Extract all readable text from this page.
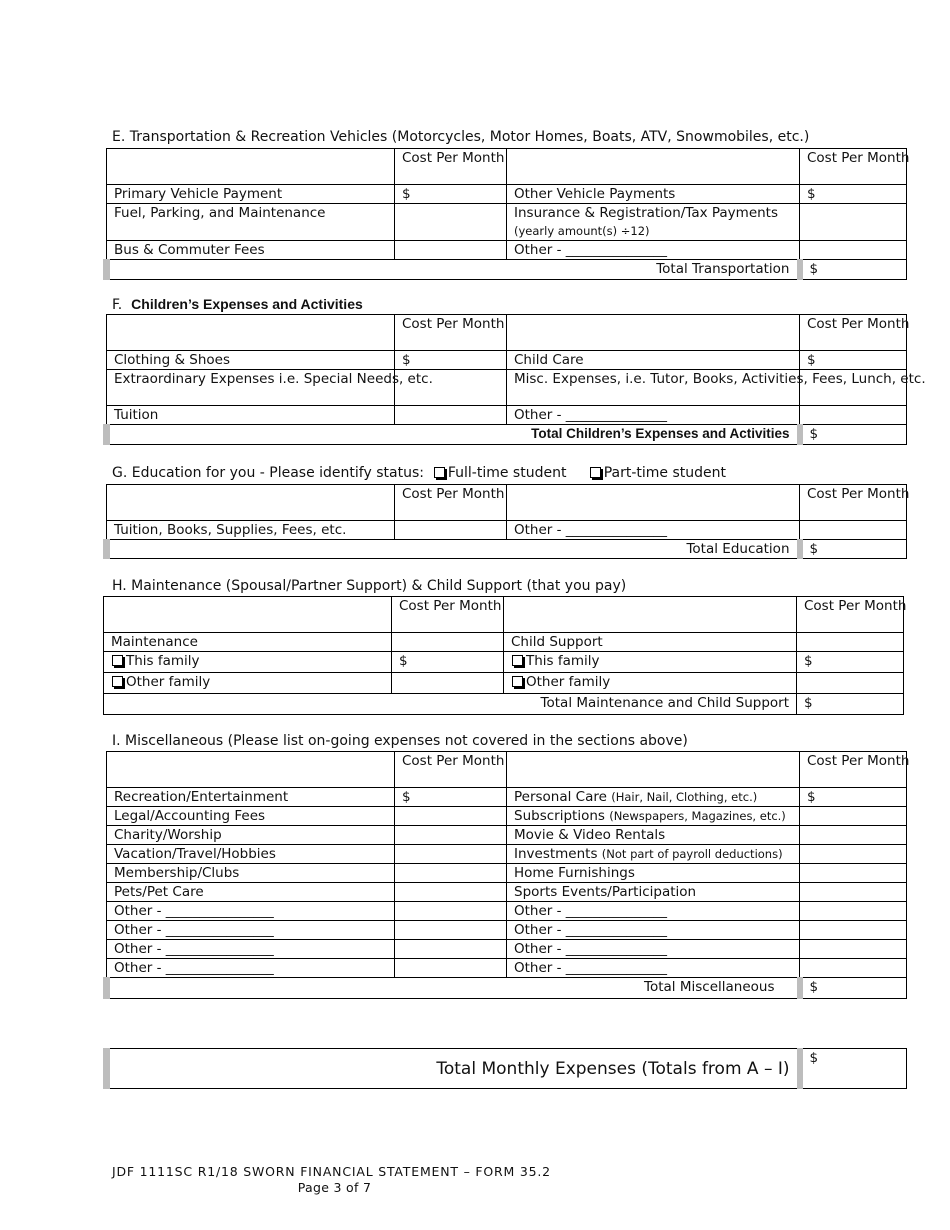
E. Transportation & Recreation Vehicles (Motorcycles, Motor Homes, Boats, ATV, Snowmobiles, etc.)
	Cost Per Month		Cost Per Month
Primary Vehicle Payment	$	Other Vehicle Payments	$
Fuel, Parking, and Maintenance		Insurance & Registration/Tax Payments
(yearly amount(s) ÷12)	
Bus & Commuter Fees		Other - _______________	
Total Transportation			$
F. Children’s Expenses and Activities
	Cost Per Month		Cost Per Month
Clothing & Shoes	$	Child Care	$
Extraordinary Expenses i.e. Special Needs, etc.		Misc. Expenses, i.e. Tutor, Books, Activities, Fees, Lunch, etc.	
Tuition		Other - _______________	
Total Children’s Expenses and Activities			$
G. Education for you - Please identify status: Full-time student	Part-time student
	Cost Per Month		Cost Per Month
Tuition, Books, Supplies, Fees, etc.		Other - _______________	
Total Education			$
H. Maintenance (Spousal/Partner Support) & Child Support (that you pay)
	Cost Per Month		Cost Per Month
Maintenance		Child Support	
This family	$	This family	$
Other family		Other family	
Total Maintenance and Child Support			$
I. Miscellaneous (Please list on-going expenses not covered in the sections above)
	Cost Per Month		Cost Per Month
Recreation/Entertainment	$	Personal Care (Hair, Nail, Clothing, etc.)	$
Legal/Accounting Fees		Subscriptions (Newspapers, Magazines, etc.)	
Charity/Worship		Movie & Video Rentals	
Vacation/Travel/Hobbies		Investments (Not part of payroll deductions)	
Membership/Clubs		Home Furnishings	
Pets/Pet Care		Sports Events/Participation	
Other - ________________		Other - _______________	
Other - ________________		Other - _______________	
Other - ________________		Other - _______________	
Other - ________________		Other - _______________	
Total Miscellaneous			$
Total Monthly Expenses (Totals from A – I)	$
JDF 1111SC R1/18 SWORN FINANCIAL STATEMENT – FORM 35.2
Page 3 of 7
